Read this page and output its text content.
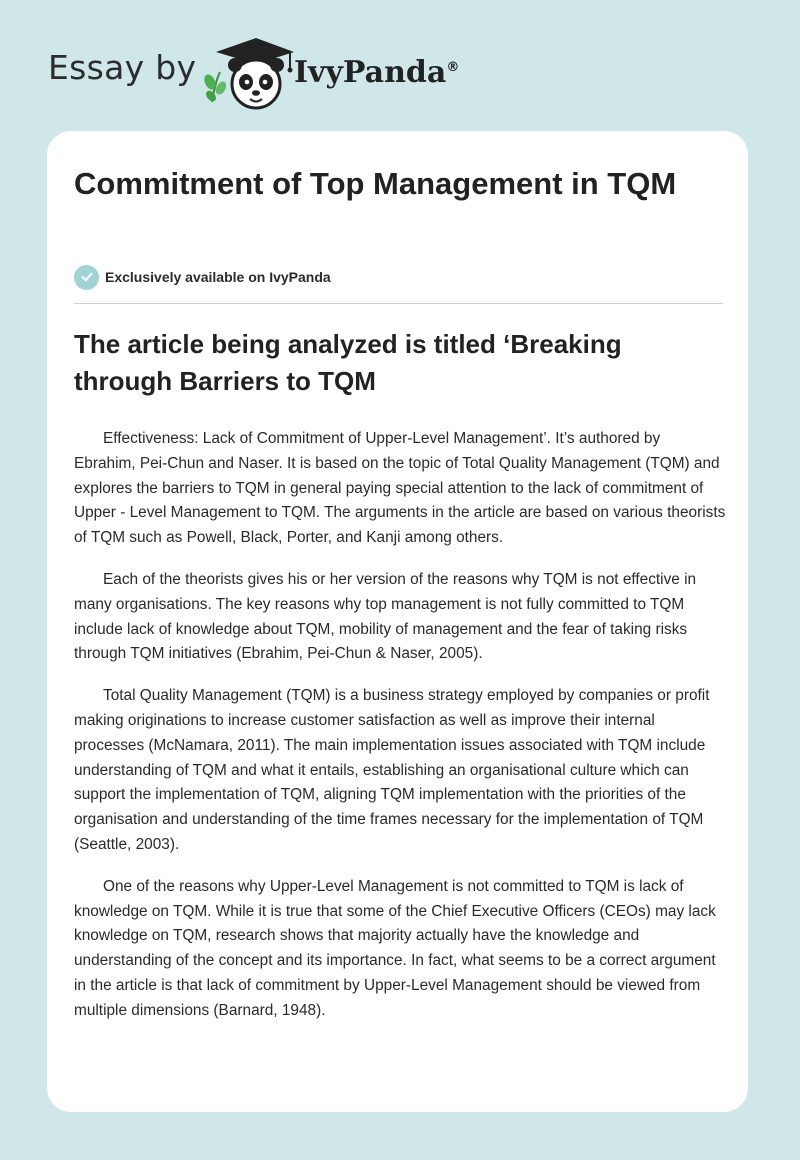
Essay by	IvyPanda®
Commitment of Top Management in TQM
Exclusively available on IvyPanda
The article being analyzed is titled ‘Breaking through Barriers to TQM

Effectiveness: Lack of Commitment of Upper-Level Management’. It’s authored by Ebrahim, Pei-Chun and Naser. It is based on the topic of Total Quality Management (TQM) and explores the barriers to TQM in general paying special attention to the lack of commitment of Upper - Level Management to TQM. The arguments in the article are based on various theorists of TQM such as Powell, Black, Porter, and Kanji among others.

Each of the theorists gives his or her version of the reasons why TQM is not effective in many organisations. The key reasons why top management is not fully committed to TQM include lack of knowledge about TQM, mobility of management and the fear of taking risks through TQM initiatives (Ebrahim, Pei-Chun & Naser, 2005).

Total Quality Management (TQM) is a business strategy employed by companies or profit making originations to increase customer satisfaction as well as improve their internal processes (McNamara, 2011). The main implementation issues associated with TQM include understanding of TQM and what it entails, establishing an organisational culture which can support the implementation of TQM, aligning TQM implementation with the priorities of the organisation and understanding of the time frames necessary for the implementation of TQM (Seattle, 2003).

One of the reasons why Upper-Level Management is not committed to TQM is lack of knowledge on TQM. While it is true that some of the Chief Executive Officers (CEOs) may lack knowledge on TQM, research shows that majority actually have the knowledge and understanding of the concept and its importance. In fact, what seems to be a correct argument in the article is that lack of commitment by Upper-Level Management should be viewed from multiple dimensions (Barnard, 1948).
